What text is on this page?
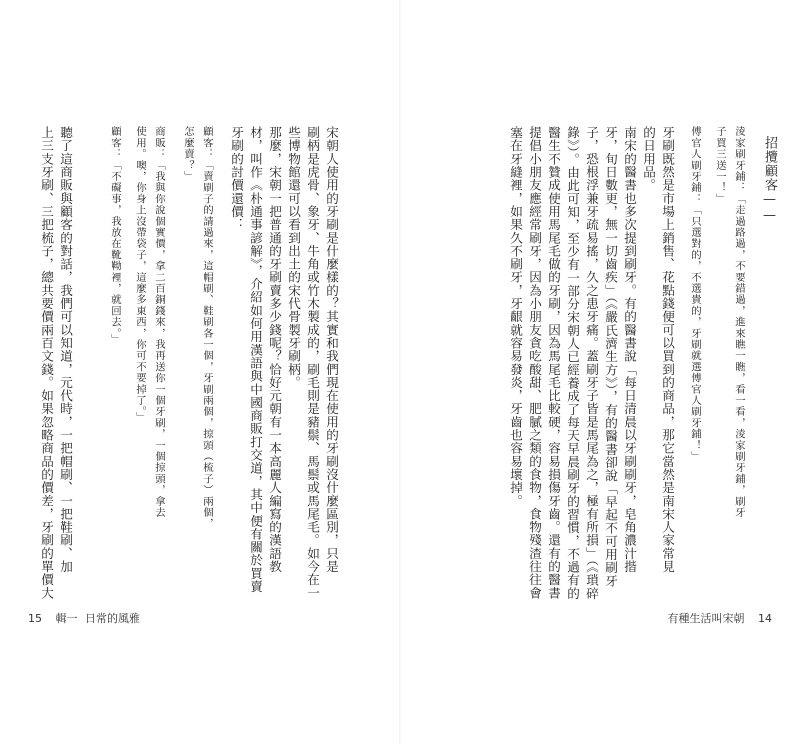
宋朝人使用的牙刷是什麼樣的？其實和我們現在使用的牙刷沒什麼區別，只是
刷柄是虎骨、象牙、牛角或竹木製成的，刷毛則是豬鬃、馬鬃或馬尾毛。如今在一
些博物館還可以看到出土的宋代骨製牙刷柄。
那麼，宋朝一把普通的牙刷賣多少錢呢？恰好元朝有一本高麗人編寫的漢語教
材，叫作《朴通事諺解》，介紹如何用漢語與中國商販打交道，其中便有關於買賣
牙刷的討價還價：
顧客：「賣刷子的請過來，這帽刷、鞋刷各一個，牙刷兩個，掠頭（梳子）兩個，
怎麼賣？」
商販：「我與你說個實價，拿二百銅錢來，我再送你一個牙刷，一個掠頭，拿去
使用。噢，你身上沒帶袋子，這麼多東西，你可不要掉了。」
顧客：「不礙事，我放在靴靿裡，就回去。」
聽了這商販與顧客的對話，我們可以知道，元代時，一把帽刷、一把鞋刷、加
上三支牙刷、三把梳子，總共要價兩百文錢。如果忽略商品的價差，牙刷的單價大
15 輯一 日常的風雅
招攬顧客——
淩家刷牙鋪：「走過路過，不要錯過，進來瞧一瞧，看一看，淩家刷牙鋪，刷牙
子買三送一！」
傅官人刷牙鋪：「只選對的，不選貴的，牙刷就選傅官人刷牙鋪！」
牙刷既然是市場上銷售、花點錢便可以買到的商品，那它當然是南宋人家常見
的日用品。
南宋的醫書也多次提到刷牙。有的醫書說「每日清晨以牙刷刷牙，皂角濃汁揩
牙，旬日數更，無一切齒疾」（《嚴氏濟生方》），有的醫書卻說「早起不可用刷牙
子，恐根浮兼牙疏易搖，久之患牙痛。蓋刷牙子皆是馬尾為之，極有所損」（《瑣碎
錄》）。由此可知，至少有一部分宋朝人已經養成了每天早晨刷牙的習慣，不過有的
醫生不贊成使用馬尾毛做的牙刷，因為馬尾毛比較硬，容易損傷牙齒。還有的醫書
提倡小朋友應經常刷牙，因為小朋友貪吃酸甜、肥膩之類的食物，食物殘渣往往會
塞在牙縫裡，如果久不刷牙，牙齦就容易發炎，牙齒也容易壞掉。
有種生活叫宋朝 14
